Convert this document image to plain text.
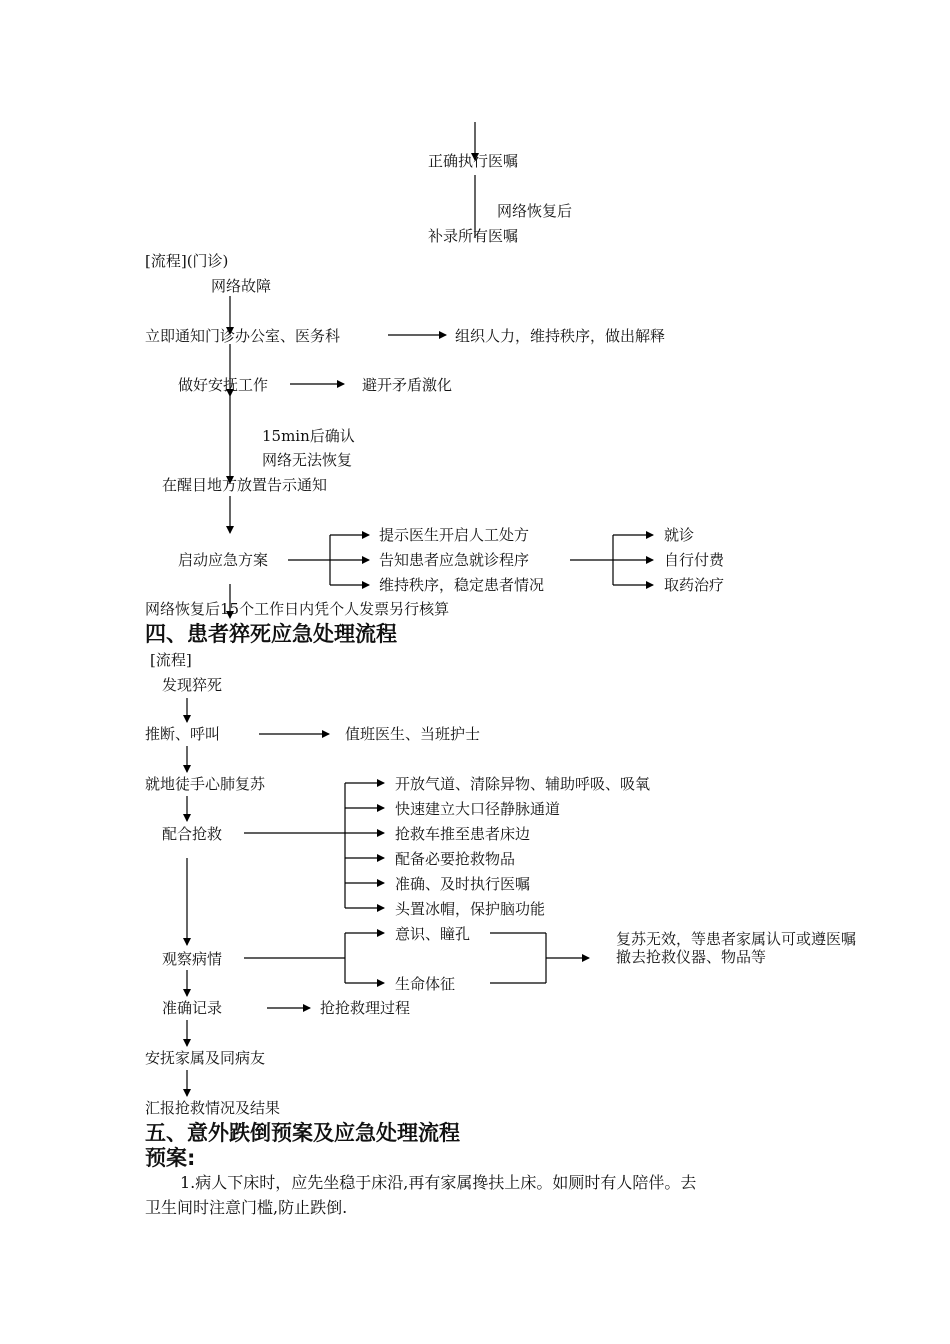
正确执行医嘱
网络恢复后
补录所有医嘱
[流程](门诊)
网络故障
立即通知门诊办公室、医务科	组织人力，维持秩序，做出解释
做好安抚工作	避开矛盾激化
15min后确认
网络无法恢复
在醒目地方放置告示通知
启动应急方案
提示医生开启人工处方
告知患者应急就诊程序
维持秩序，稳定患者情况
就诊
自行付费
取药治疗
网络恢复后15个工作日内凭个人发票另行核算
四、患者猝死应急处理流程
[流程]
发现猝死
推断、呼叫	值班医生、当班护士
就地徒手心肺复苏
配合抢救
开放气道、清除异物、辅助呼吸、吸氧
快速建立大口径静脉通道
抢救车推至患者床边
配备必要抢救物品
准确、及时执行医嘱
头置冰帽，保护脑功能
观察病情
意识、瞳孔
生命体征
复苏无效，等患者家属认可或遵医嘱撤去抢救仪器、物品等
准确记录	抢抢救理过程
安抚家属及同病友
汇报抢救情况及结果
五、意外跌倒预案及应急处理流程
预案:
1.病人下床时，应先坐稳于床沿,再有家属搀扶上床。如厕时有人陪伴。去
卫生间时注意门槛,防止跌倒.
